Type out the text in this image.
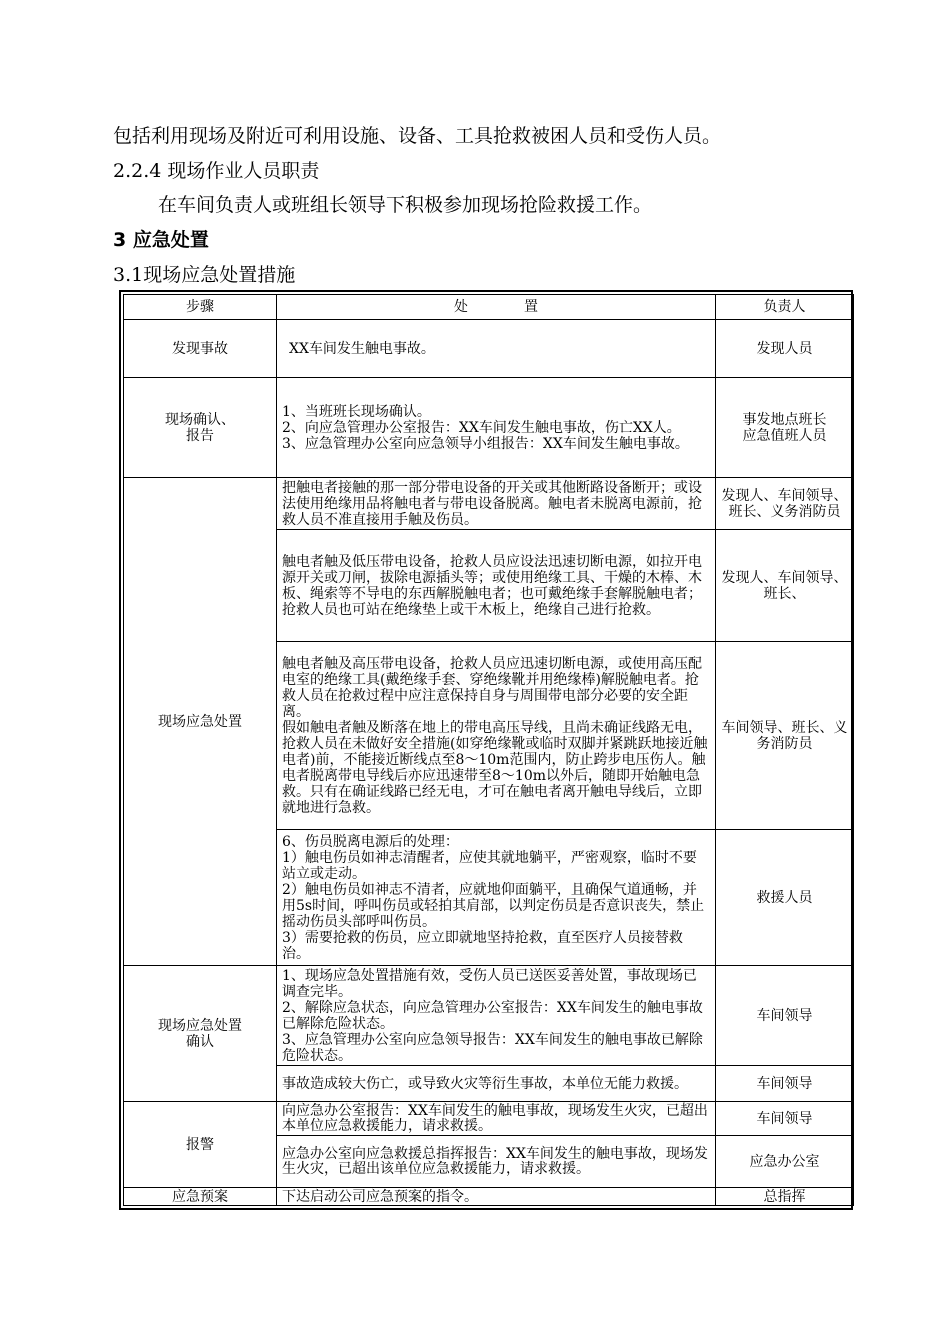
包括利用现场及附近可利用设施、设备、工具抢救被困人员和受伤人员。
2.2.4 现场作业人员职责
在车间负责人或班组长领导下积极参加现场抢险救援工作。
3 应急处置
3.1现场应急处置措施
步骤	处　　　　置	负责人
发现事故	XX车间发生触电事故。	发现人员

现场确认、
报告	1、当班班长现场确认。
2、向应急管理办公室报告：XX车间发生触电事故，伤亡XX人。
3、应急管理办公室向应急领导小组报告：XX车间发生触电事故。	事发地点班长
应急值班人员

现场应急处置	把触电者接触的那一部分带电设备的开关或其他断路设备断开；或设法使用绝缘用品将触电者与带电设备脱离。触电者未脱离电源前，抢救人员不准直接用手触及伤员。	发现人、车间领导、班长、义务消防员
	触电者触及低压带电设备，抢救人员应设法迅速切断电源，如拉开电源开关或刀闸，拔除电源插头等；或使用绝缘工具、干燥的木棒、木板、绳索等不导电的东西解脱触电者；也可戴绝缘手套解脱触电者；抢救人员也可站在绝缘垫上或干木板上，绝缘自己进行抢救。	发现人、车间领导、班长、

	触电者触及高压带电设备，抢救人员应迅速切断电源，或使用高压配电室的绝缘工具(戴绝缘手套、穿绝缘靴并用绝缘棒)解脱触电者。抢救人员在抢救过程中应注意保持自身与周围带电部分必要的安全距离。
假如触电者触及断落在地上的带电高压导线，且尚未确证线路无电，抢救人员在未做好安全措施(如穿绝缘靴或临时双脚并紧跳跃地接近触电者)前，不能接近断线点至8～10m范围内，防止跨步电压伤人。触电者脱离带电导线后亦应迅速带至8～10m以外后，随即开始触电急救。只有在确证线路已经无电，才可在触电者离开触电导线后，立即就地进行急救。	车间领导、班长、义务消防员

	6、伤员脱离电源后的处理：
1）触电伤员如神志清醒者，应使其就地躺平，严密观察，临时不要站立或走动。
2）触电伤员如神志不清者，应就地仰面躺平，且确保气道通畅，并用5s时间，呼叫伤员或轻拍其肩部，以判定伤员是否意识丧失，禁止摇动伤员头部呼叫伤员。
3）需要抢救的伤员，应立即就地坚持抢救，直至医疗人员接替救治。	救援人员

现场应急处置
确认	1、现场应急处置措施有效，受伤人员已送医妥善处置，事故现场已调查完毕。
2、解除应急状态，向应急管理办公室报告：XX车间发生的触电事故已解除危险状态。
3、应急管理办公室向应急领导报告：XX车间发生的触电事故已解除危险状态。	车间领导
	事故造成较大伤亡，或导致火灾等衍生事故，本单位无能力救援。	车间领导
报警	向应急办公室报告：XX车间发生的触电事故，现场发生火灾，已超出本单位应急救援能力，请求救援。	车间领导
	应急办公室向应急救援总指挥报告：XX车间发生的触电事故，现场发生火灾，已超出该单位应急救援能力，请求救援。	应急办公室
应急预案	下达启动公司应急预案的指令。	总指挥
